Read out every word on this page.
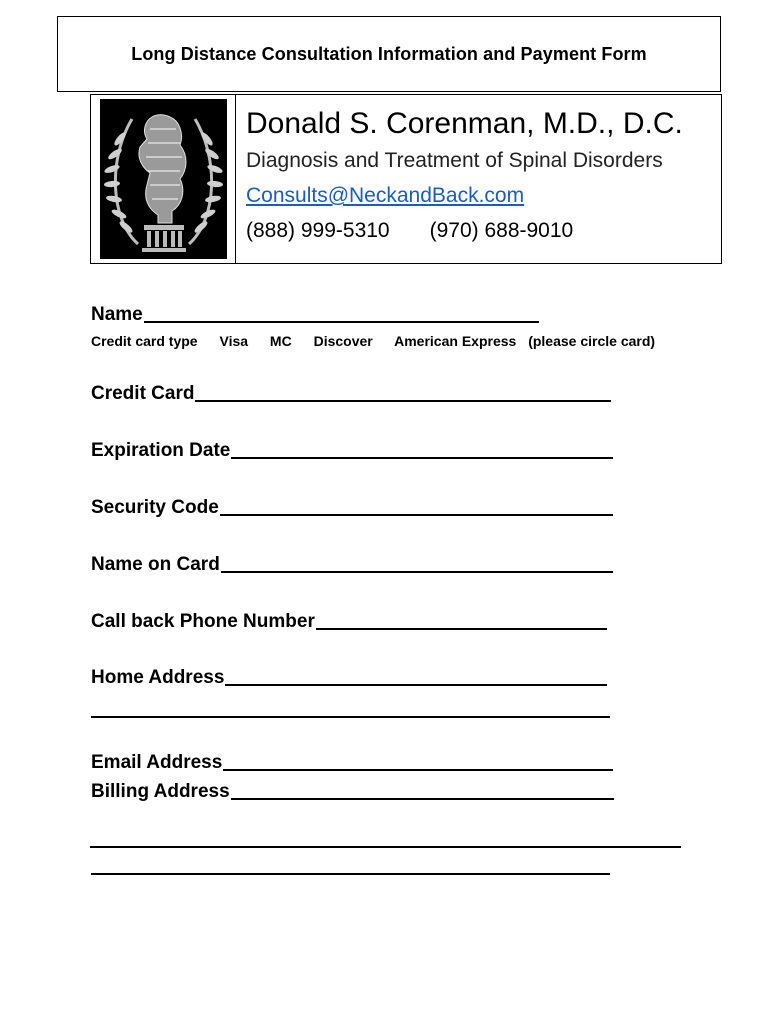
Long Distance Consultation Information and Payment Form
Donald S. Corenman, M.D., D.C.
Diagnosis and Treatment of Spinal Disorders
Consults@NeckandBack.com
(888) 999-5310 (970) 688-9010
Name
Credit card type Visa MC Discover American Express (please circle card)
Credit Card
Expiration Date
Security Code
Name on Card
Call back Phone Number
Home Address
Email Address
Billing Address
